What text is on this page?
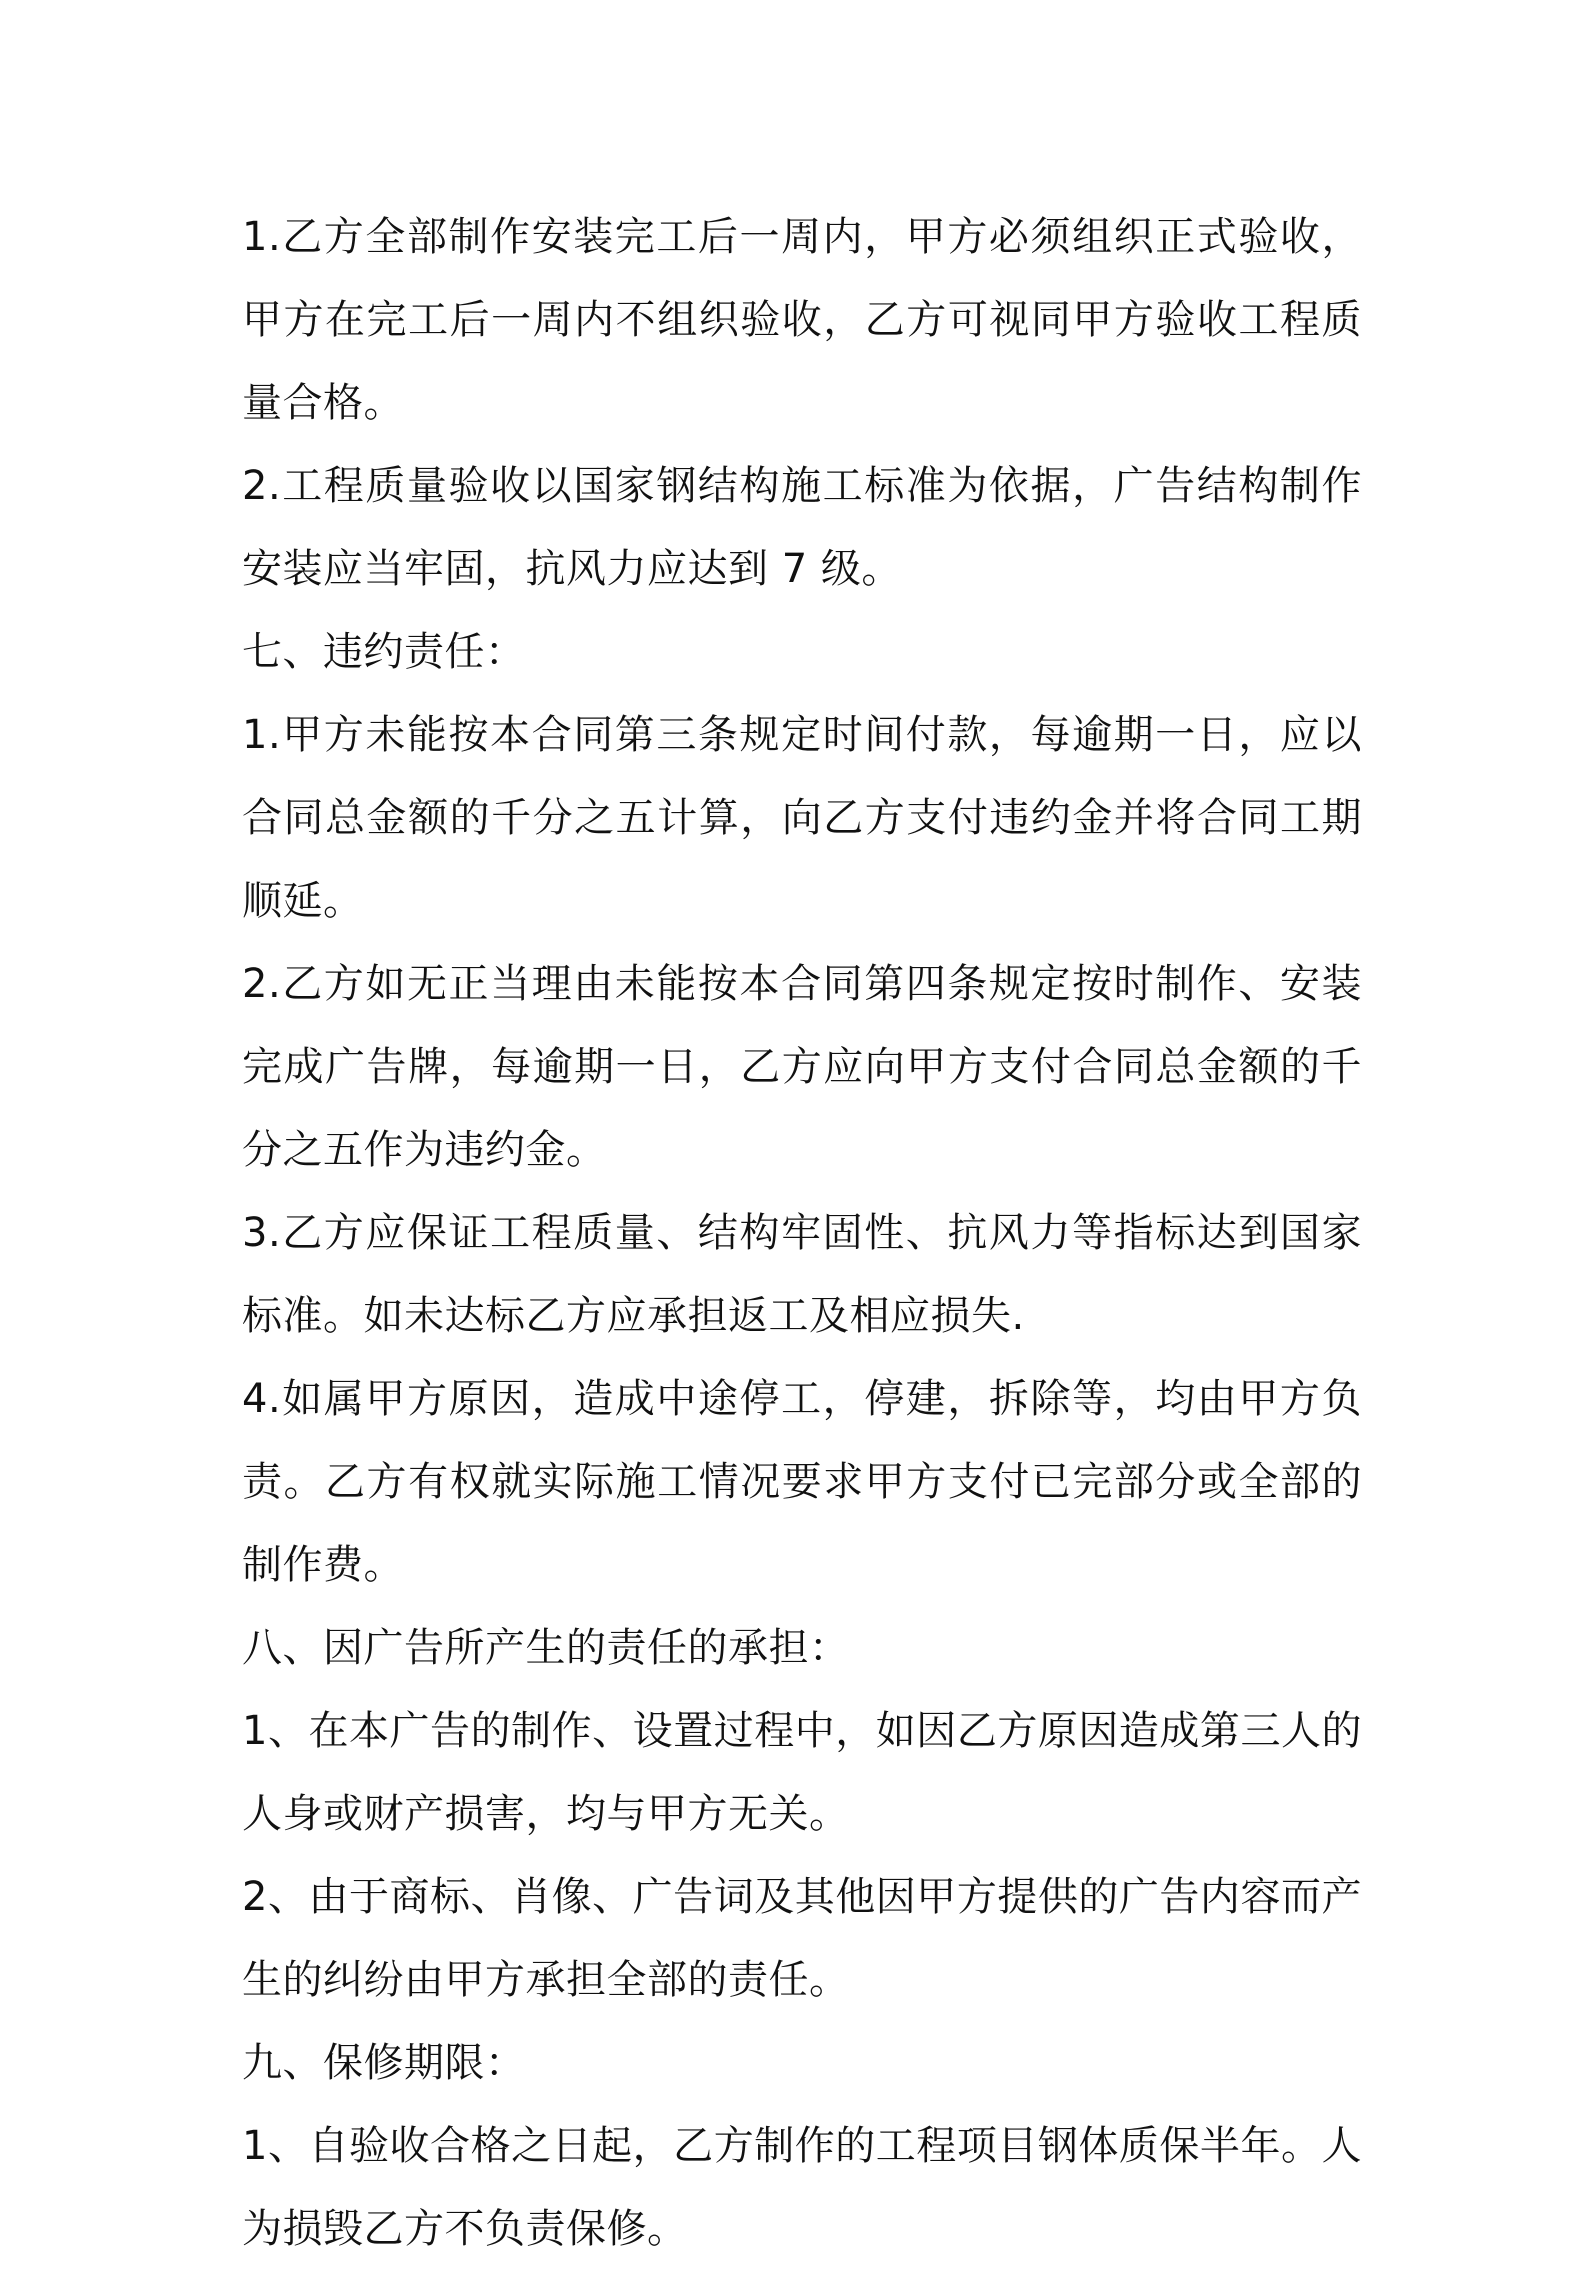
1.乙方全部制作安装完工后一周内，甲方必须组织正式验收，甲方在完工后一周内不组织验收，乙方可视同甲方验收工程质量合格。

2.工程质量验收以国家钢结构施工标准为依据，广告结构制作安装应当牢固，抗风力应达到 7 级。

七、违约责任：

1.甲方未能按本合同第三条规定时间付款，每逾期一日，应以合同总金额的千分之五计算，向乙方支付违约金并将合同工期顺延。

2.乙方如无正当理由未能按本合同第四条规定按时制作、安装完成广告牌，每逾期一日，乙方应向甲方支付合同总金额的千分之五作为违约金。

3.乙方应保证工程质量、结构牢固性、抗风力等指标达到国家标准。如未达标乙方应承担返工及相应损失.

4.如属甲方原因，造成中途停工，停建，拆除等，均由甲方负责。乙方有权就实际施工情况要求甲方支付已完部分或全部的制作费。

八、因广告所产生的责任的承担：

1、在本广告的制作、设置过程中，如因乙方原因造成第三人的人身或财产损害，均与甲方无关。

2、由于商标、肖像、广告词及其他因甲方提供的广告内容而产生的纠纷由甲方承担全部的责任。

九、保修期限：

1、自验收合格之日起，乙方制作的工程项目钢体质保半年。人为损毁乙方不负责保修。
